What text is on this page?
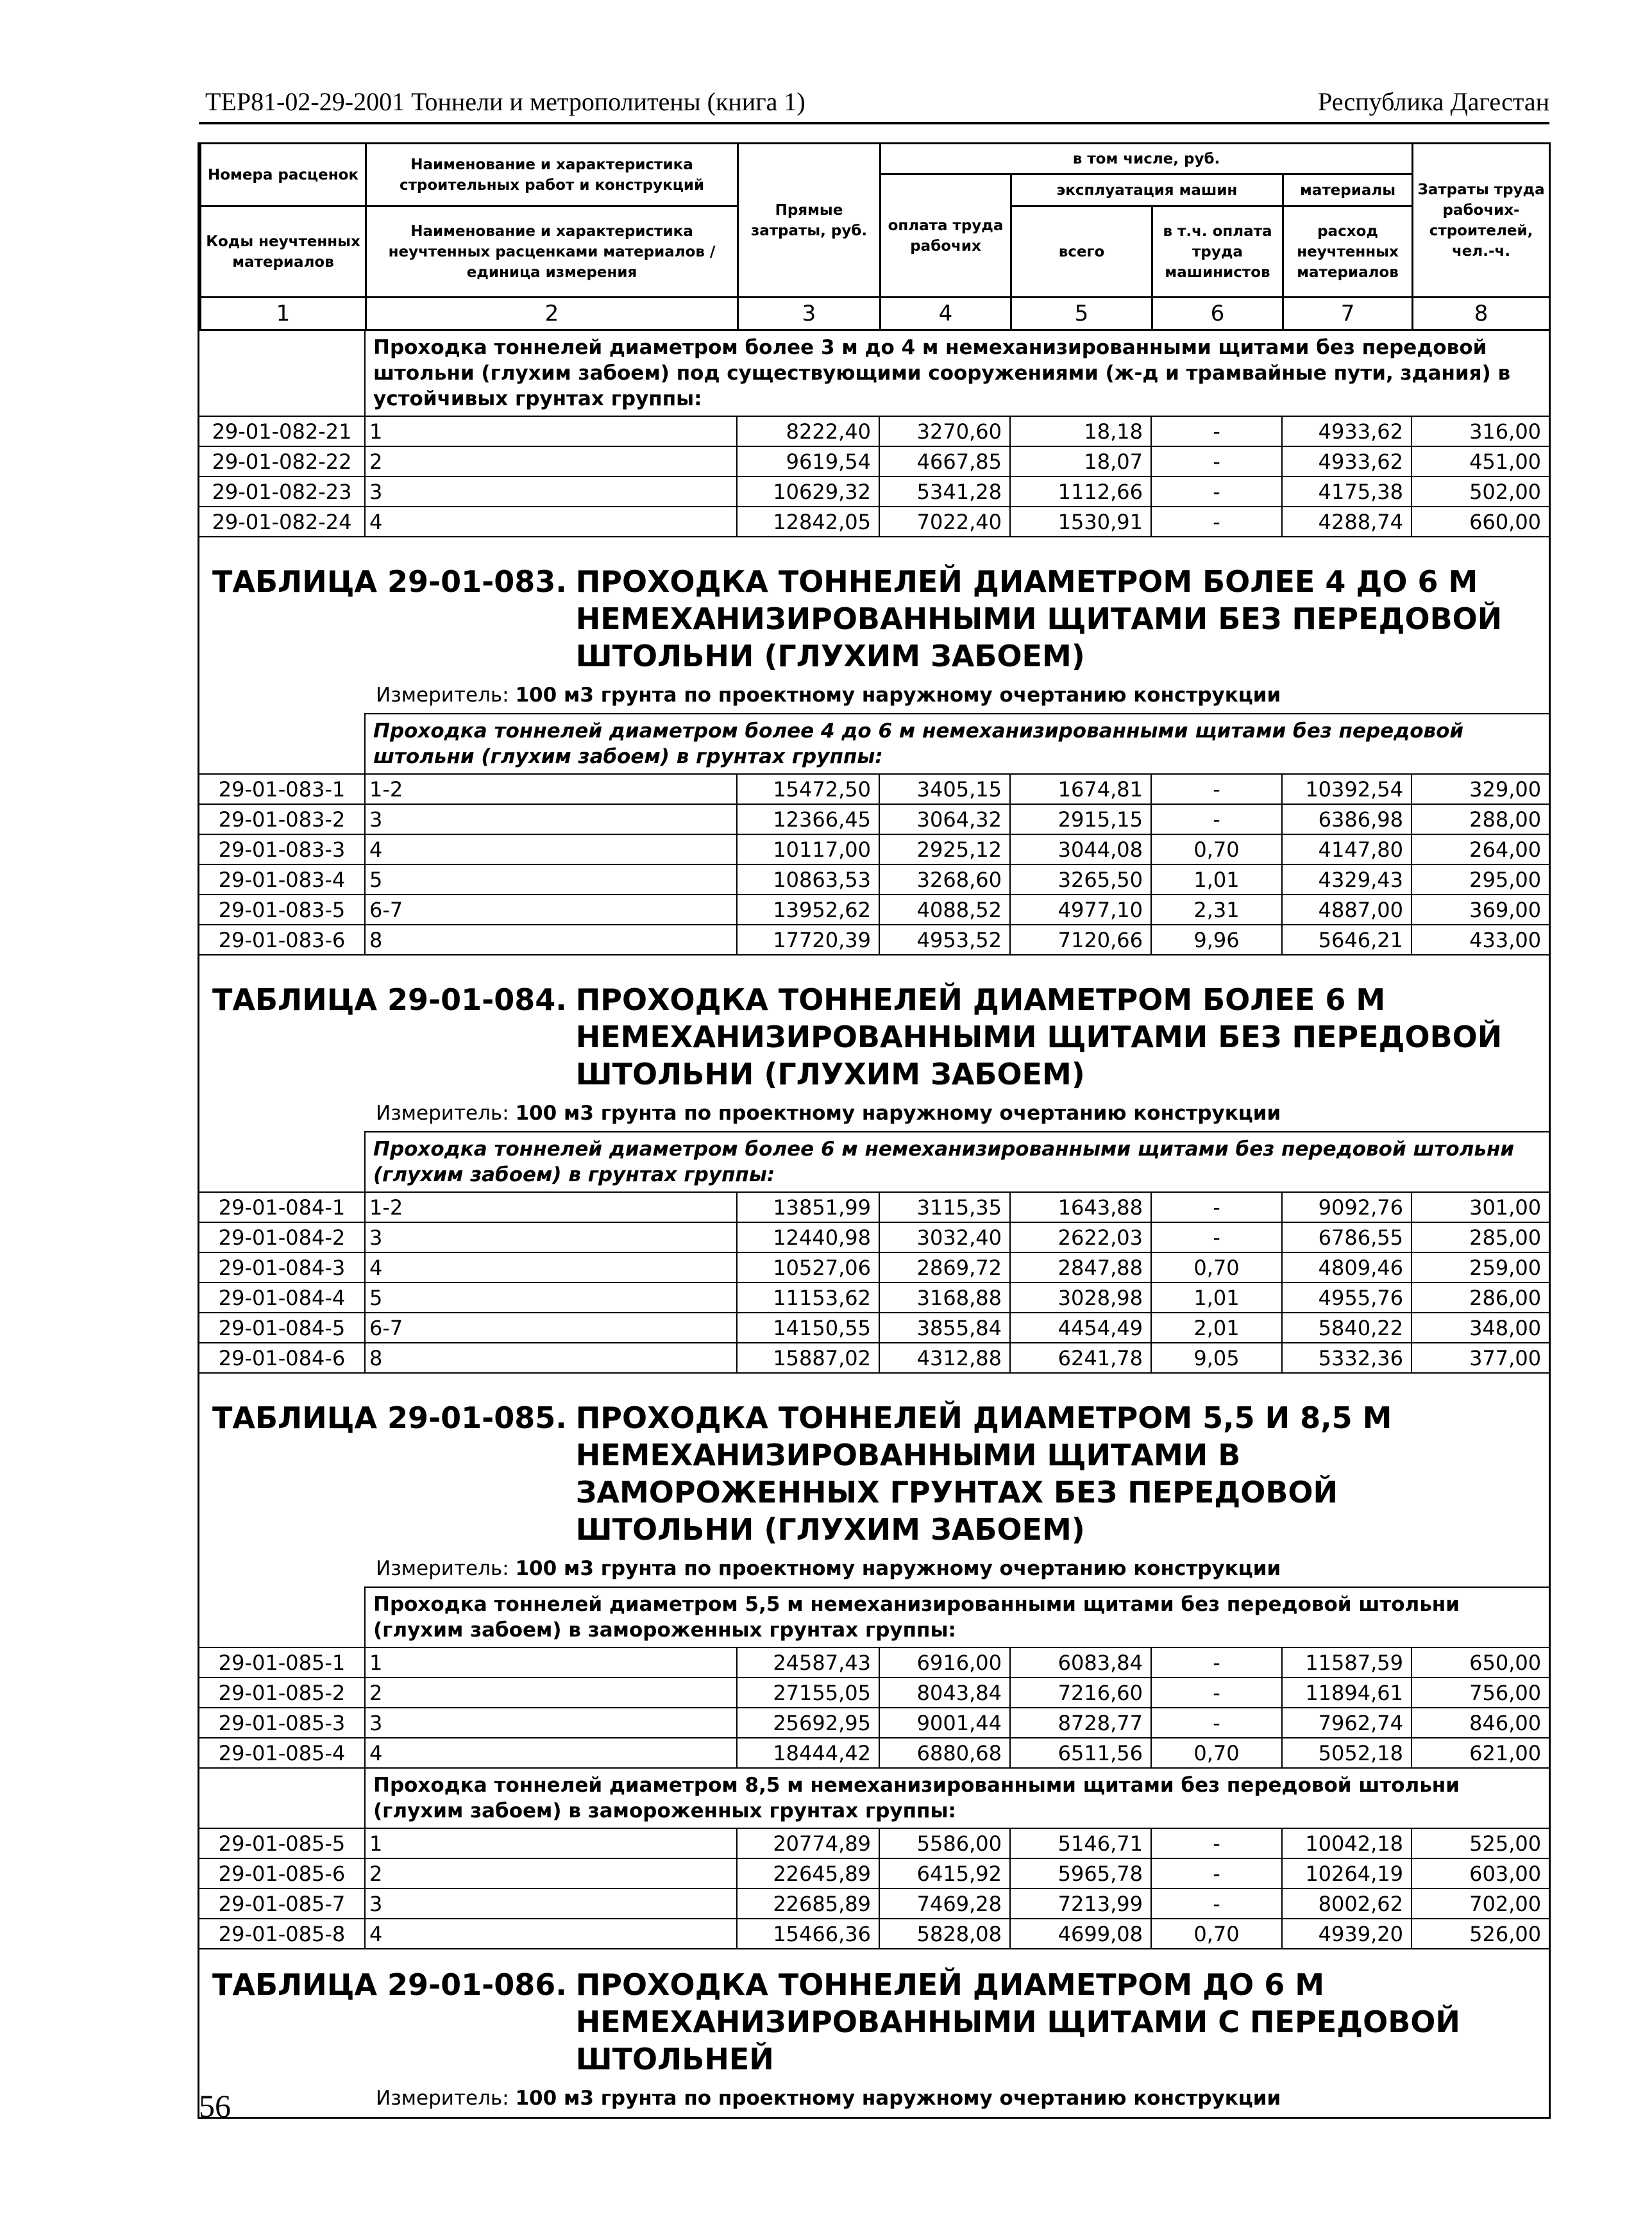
ТЕР81-02-29-2001 Тоннели и метрополитены (книга 1)	Республика Дагестан
Номера расценок	Наименование и характеристика строительных работ и конструкций	Прямые затраты, руб.	в том числе, руб.				Затраты труда рабочих-строителей, чел.-ч.
			оплата труда рабочих	эксплуатация машин		материалы	
Коды неучтенных материалов	Наименование и характеристика неучтенных расценками материалов / единица измерения			всего	в т.ч. оплата труда машинистов	расход неучтенных материалов	

1	2	3	4	5	6	7	8
	Проходка тоннелей диаметром более 3 м до 4 м немеханизированными щитами без передовой штольни (глухим забоем) под существующими сооружениями (ж-д и трамвайные пути, здания) в устойчивых грунтах группы:						
29-01-082-21	1	8222,40	3270,60	18,18	-	4933,62	316,00
29-01-082-22	2	9619,54	4667,85	18,07	-	4933,62	451,00
29-01-082-23	3	10629,32	5341,28	1112,66	-	4175,38	502,00
29-01-082-24	4	12842,05	7022,40	1530,91	-	4288,74	660,00
ТАБЛИЦА 29-01-083. ПРОХОДКА ТОННЕЛЕЙ ДИАМЕТРОМ БОЛЕЕ 4 ДО 6 М НЕМЕХАНИЗИРОВАННЫМИ ЩИТАМИ БЕЗ ПЕРЕДОВОЙ ШТОЛЬНИ (ГЛУХИМ ЗАБОЕМ)
Измеритель: 100 м3 грунта по проектному наружному очертанию конструкции
	Проходка тоннелей диаметром более 4 до 6 м немеханизированными щитами без передовой штольни (глухим забоем) в грунтах группы:						
29-01-083-1	1-2	15472,50	3405,15	1674,81	-	10392,54	329,00
29-01-083-2	3	12366,45	3064,32	2915,15	-	6386,98	288,00
29-01-083-3	4	10117,00	2925,12	3044,08	0,70	4147,80	264,00
29-01-083-4	5	10863,53	3268,60	3265,50	1,01	4329,43	295,00
29-01-083-5	6-7	13952,62	4088,52	4977,10	2,31	4887,00	369,00
29-01-083-6	8	17720,39	4953,52	7120,66	9,96	5646,21	433,00
ТАБЛИЦА 29-01-084. ПРОХОДКА ТОННЕЛЕЙ ДИАМЕТРОМ БОЛЕЕ 6 М НЕМЕХАНИЗИРОВАННЫМИ ЩИТАМИ БЕЗ ПЕРЕДОВОЙ ШТОЛЬНИ (ГЛУХИМ ЗАБОЕМ)
Измеритель: 100 м3 грунта по проектному наружному очертанию конструкции
	Проходка тоннелей диаметром более 6 м немеханизированными щитами без передовой штольни (глухим забоем) в грунтах группы:						
29-01-084-1	1-2	13851,99	3115,35	1643,88	-	9092,76	301,00
29-01-084-2	3	12440,98	3032,40	2622,03	-	6786,55	285,00
29-01-084-3	4	10527,06	2869,72	2847,88	0,70	4809,46	259,00
29-01-084-4	5	11153,62	3168,88	3028,98	1,01	4955,76	286,00
29-01-084-5	6-7	14150,55	3855,84	4454,49	2,01	5840,22	348,00
29-01-084-6	8	15887,02	4312,88	6241,78	9,05	5332,36	377,00
ТАБЛИЦА 29-01-085. ПРОХОДКА ТОННЕЛЕЙ ДИАМЕТРОМ 5,5 И 8,5 М НЕМЕХАНИЗИРОВАННЫМИ ЩИТАМИ В ЗАМОРОЖЕННЫХ ГРУНТАХ БЕЗ ПЕРЕДОВОЙ ШТОЛЬНИ (ГЛУХИМ ЗАБОЕМ)
Измеритель: 100 м3 грунта по проектному наружному очертанию конструкции
	Проходка тоннелей диаметром 5,5 м немеханизированными щитами без передовой штольни (глухим забоем) в замороженных грунтах группы:						
29-01-085-1	1	24587,43	6916,00	6083,84	-	11587,59	650,00
29-01-085-2	2	27155,05	8043,84	7216,60	-	11894,61	756,00
29-01-085-3	3	25692,95	9001,44	8728,77	-	7962,74	846,00
29-01-085-4	4	18444,42	6880,68	6511,56	0,70	5052,18	621,00
	Проходка тоннелей диаметром 8,5 м немеханизированными щитами без передовой штольни (глухим забоем) в замороженных грунтах группы:						
29-01-085-5	1	20774,89	5586,00	5146,71	-	10042,18	525,00
29-01-085-6	2	22645,89	6415,92	5965,78	-	10264,19	603,00
29-01-085-7	3	22685,89	7469,28	7213,99	-	8002,62	702,00
29-01-085-8	4	15466,36	5828,08	4699,08	0,70	4939,20	526,00
ТАБЛИЦА 29-01-086. ПРОХОДКА ТОННЕЛЕЙ ДИАМЕТРОМ ДО 6 М НЕМЕХАНИЗИРОВАННЫМИ ЩИТАМИ С ПЕРЕДОВОЙ ШТОЛЬНЕЙ
Измеритель: 100 м3 грунта по проектному наружному очертанию конструкции
56
